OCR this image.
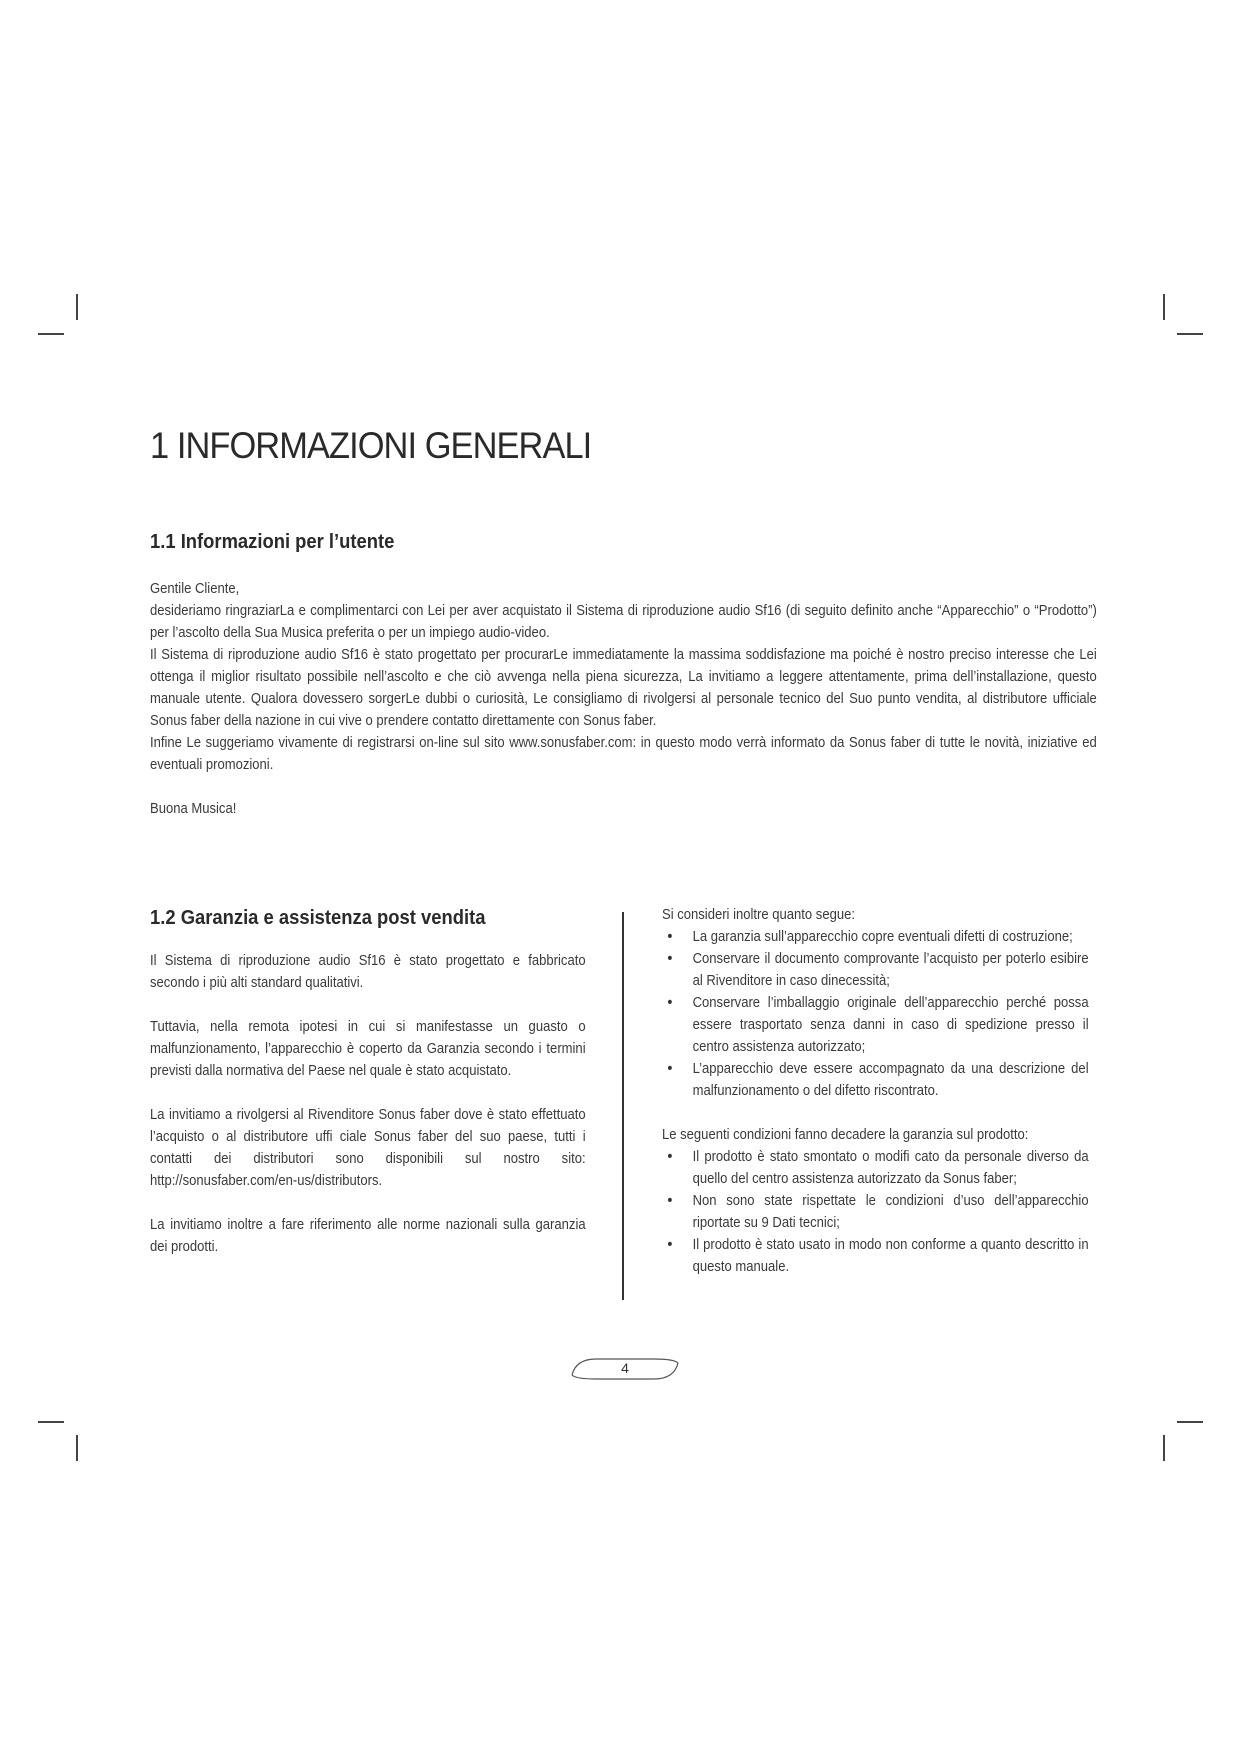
1 INFORMAZIONI GENERALI
1.1 Informazioni per l’utente

Gentile Cliente,

desideriamo ringraziarLa e complimentarci con Lei per aver acquistato il Sistema di riproduzione audio Sf16 (di seguito definito anche “Apparecchio” o “Prodotto”) per l’ascolto della Sua Musica preferita o per un impiego audio-video.

Il Sistema di riproduzione audio Sf16 è stato progettato per procurarLe immediatamente la massima soddisfazione ma poiché è nostro preciso interesse che Lei ottenga il miglior risultato possibile nell’ascolto e che ciò avvenga nella piena sicurezza, La invitiamo a leggere attentamente, prima dell’installazione, questo manuale utente. Qualora dovessero sorgerLe dubbi o curiosità, Le consigliamo di rivolgersi al personale tecnico del Suo punto vendita, al distributore ufficiale Sonus faber della nazione in cui vive o prendere contatto direttamente con Sonus faber.

Infine Le suggeriamo vivamente di registrarsi on-line sul sito www.sonusfaber.com: in questo modo verrà informato da Sonus faber di tutte le novità, iniziative ed eventuali promozioni.

Buona Musica!

1.2 Garanzia e assistenza post vendita

Il Sistema di riproduzione audio Sf16 è stato progettato e fabbricato secondo i più alti standard qualitativi.

Tuttavia, nella remota ipotesi in cui si manifestasse un guasto o malfunzionamento, l’apparecchio è coperto da Garanzia secondo i termini previsti dalla normativa del Paese nel quale è stato acquistato.

La invitiamo a rivolgersi al Rivenditore Sonus faber dove è stato effettuato l’acquisto o al distributore uffi ciale Sonus faber del suo paese, tutti i contatti dei distributori sono disponibili sul nostro sito: http://sonusfaber.com/en-us/distributors.

La invitiamo inoltre a fare riferimento alle norme nazionali sulla garanzia dei prodotti.

Si consideri inoltre quanto segue:

• La garanzia sull’apparecchio copre eventuali difetti di costruzione;
• Conservare il documento comprovante l’acquisto per poterlo esibire al Rivenditore in caso dinecessità;
• Conservare l’imballaggio originale dell’apparecchio perché possa essere trasportato senza danni in caso di spedizione presso il centro assistenza autorizzato;
• L’apparecchio deve essere accompagnato da una descrizione del malfunzionamento o del difetto riscontrato.

Le seguenti condizioni fanno decadere la garanzia sul prodotto:

• Il prodotto è stato smontato o modifi cato da personale diverso da quello del centro assistenza autorizzato da Sonus faber;
• Non sono state rispettate le condizioni d’uso dell’apparecchio riportate su 9 Dati tecnici;
• Il prodotto è stato usato in modo non conforme a quanto descritto in questo manuale.
4
